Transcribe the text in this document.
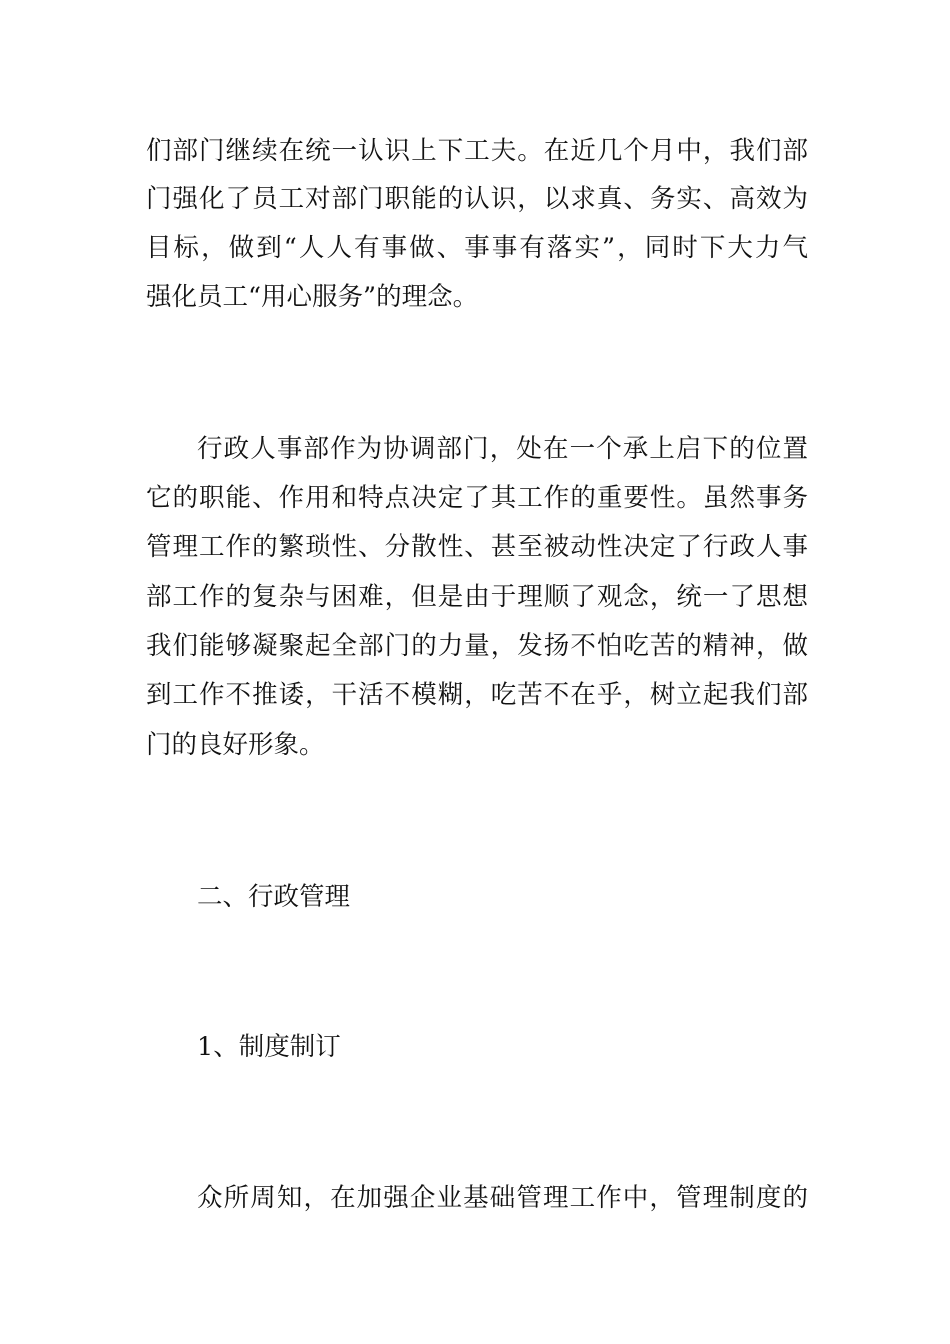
们部门继续在统一认识上下工夫。在近几个月中，我们部
门强化了员工对部门职能的认识，以求真、务实、高效为
目标，做到“人人有事做、事事有落实”，同时下大力气
强化员工“用心服务”的理念。
行政人事部作为协调部门，处在一个承上启下的位置
它的职能、作用和特点决定了其工作的重要性。虽然事务
管理工作的繁琐性、分散性、甚至被动性决定了行政人事
部工作的复杂与困难，但是由于理顺了观念，统一了思想
我们能够凝聚起全部门的力量，发扬不怕吃苦的精神，做
到工作不推诿，干活不模糊，吃苦不在乎，树立起我们部
门的良好形象。
二、行政管理
1、制度制订
众所周知，在加强企业基础管理工作中，管理制度的
